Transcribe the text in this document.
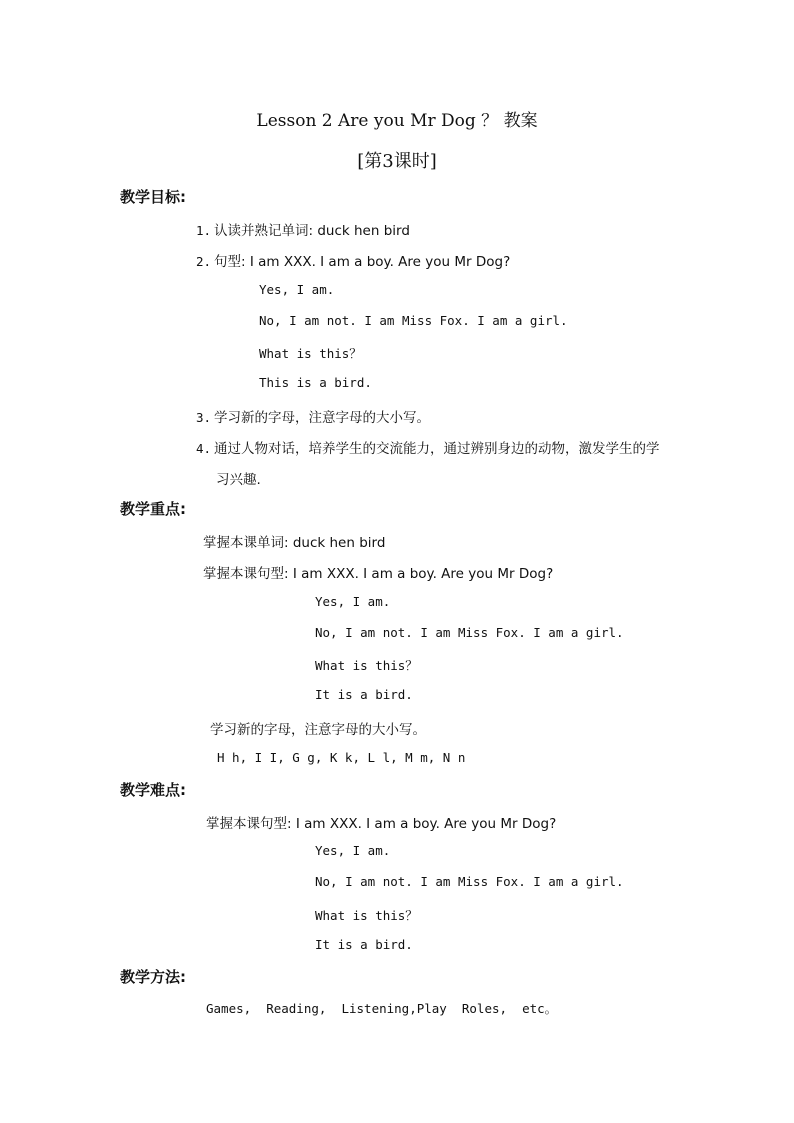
Lesson 2 Are you Mr Dog ？ 教案
[第3课时]
教学目标:
1. 认读并熟记单词: duck hen bird
2. 句型: I am XXX. I am a boy. Are you Mr Dog?
Yes, I am.
No, I am not. I am Miss Fox. I am a girl.
What is this？
This is a bird.
3. 学习新的字母，注意字母的大小写。
4. 通过人物对话，培养学生的交流能力，通过辨别身边的动物，激发学生的学
习兴趣.
教学重点:
掌握本课单词: duck hen bird
掌握本课句型: I am XXX. I am a boy. Are you Mr Dog?
Yes, I am.
No, I am not. I am Miss Fox. I am a girl.
What is this？
It is a bird.
学习新的字母，注意字母的大小写。
H h, I I, G g, K k, L l, M m, N n
教学难点:
掌握本课句型: I am XXX. I am a boy. Are you Mr Dog?
Yes, I am.
No, I am not. I am Miss Fox. I am a girl.
What is this？
It is a bird.
教学方法:
Games,  Reading,  Listening,Play  Roles,  etc。
